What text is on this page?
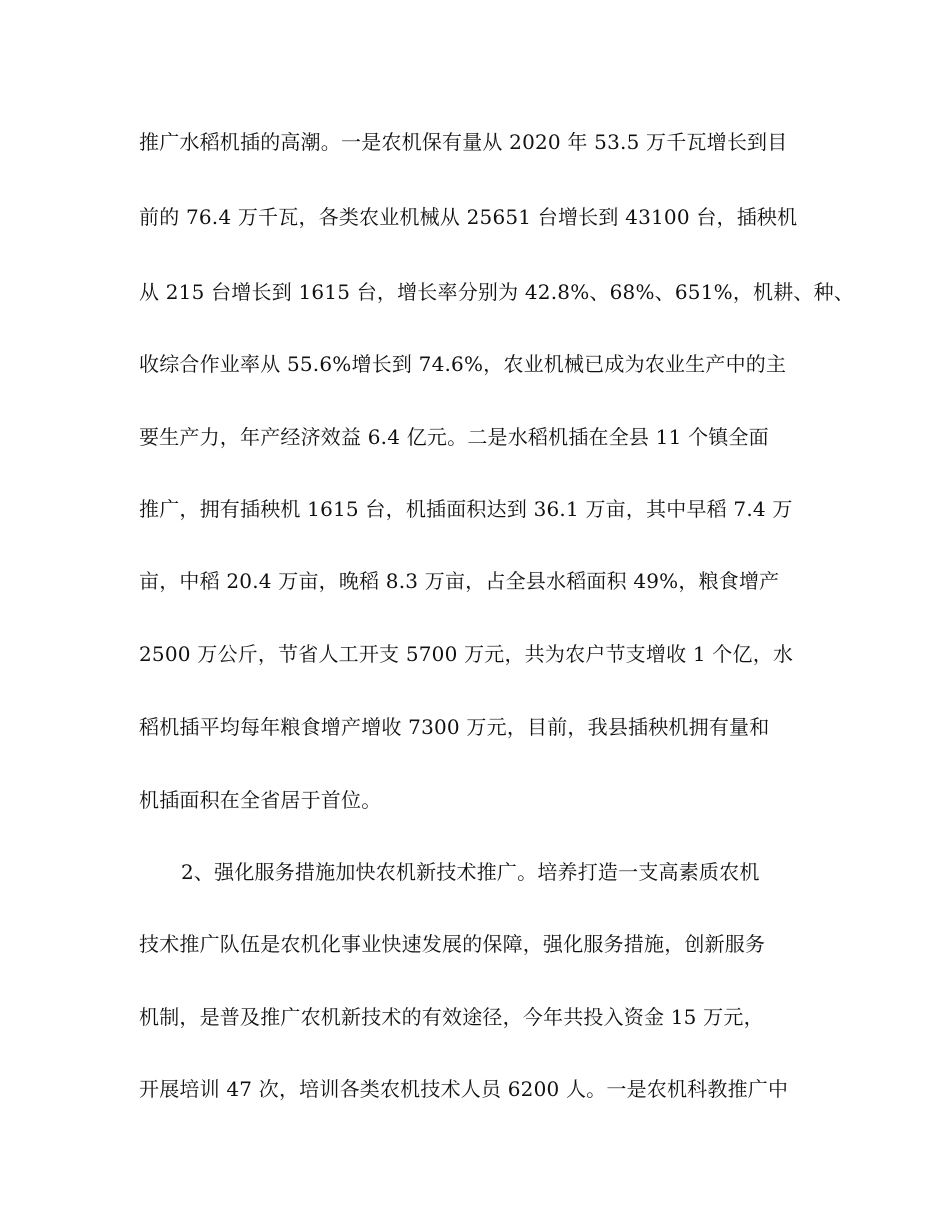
推广水稻机插的高潮。一是农机保有量从 2020 年 53.5 万千瓦增长到目
前的 76.4 万千瓦，各类农业机械从 25651 台增长到 43100 台，插秧机
从 215 台增长到 1615 台，增长率分别为 42.8%、68%、651%，机耕、种、
收综合作业率从 55.6%增长到 74.6%，农业机械已成为农业生产中的主
要生产力，年产经济效益 6.4 亿元。二是水稻机插在全县 11 个镇全面
推广，拥有插秧机 1615 台，机插面积达到 36.1 万亩，其中早稻 7.4 万
亩，中稻 20.4 万亩，晚稻 8.3 万亩，占全县水稻面积 49%，粮食增产
2500 万公斤，节省人工开支 5700 万元，共为农户节支增收 1 个亿，水
稻机插平均每年粮食增产增收 7300 万元，目前，我县插秧机拥有量和
机插面积在全省居于首位。
2、强化服务措施加快农机新技术推广。培养打造一支高素质农机
技术推广队伍是农机化事业快速发展的保障，强化服务措施，创新服务
机制，是普及推广农机新技术的有效途径，今年共投入资金 15 万元，
开展培训 47 次，培训各类农机技术人员 6200 人。一是农机科教推广中
